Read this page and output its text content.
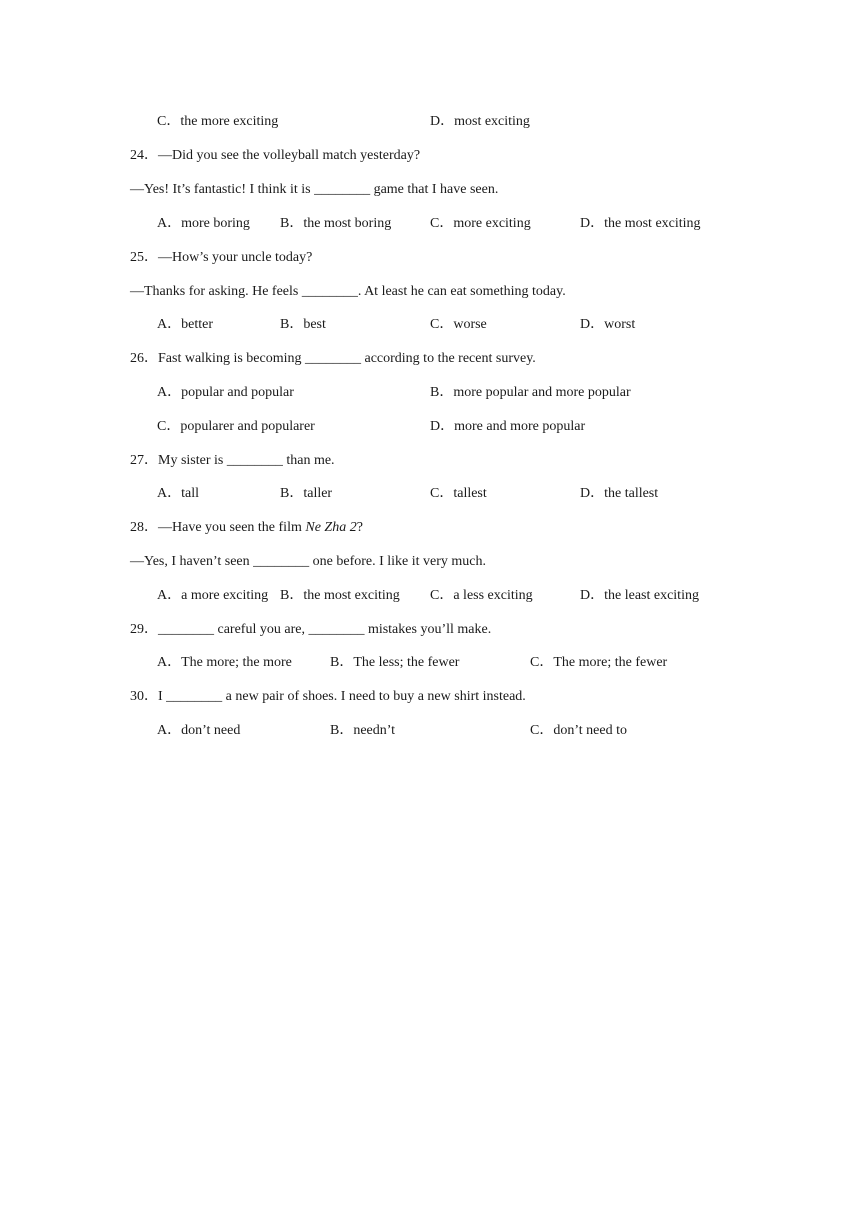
C．the more exciting	D．most exciting
24．—Did you see the volleyball match yesterday?
—Yes! It’s fantastic! I think it is ________ game that I have seen.
A．more boring B．the most boring	C．more exciting	D．the most exciting
25．—How’s your uncle today?
—Thanks for asking. He feels ________. At least he can eat something today.
A．better	B．best	C．worse	D．worst
26．Fast walking is becoming ________ according to the recent survey.
A．popular and popular	B．more popular and more popular
C．popularer and popularer	D．more and more popular
27．My sister is ________ than me.
A．tall	B．taller	C．tallest	D．the tallest
28．—Have you seen the film Ne Zha 2?
—Yes, I haven’t seen ________ one before. I like it very much.
A．a more exciting B．the most exciting C．a less exciting	D．the least exciting
29．________ careful you are, ________ mistakes you’ll make.
A．The more; the more	B．The less; the fewer	C．The more; the fewer
30．I ________ a new pair of shoes. I need to buy a new shirt instead.
A．don’t need	B．needn’t	C．don’t need to
